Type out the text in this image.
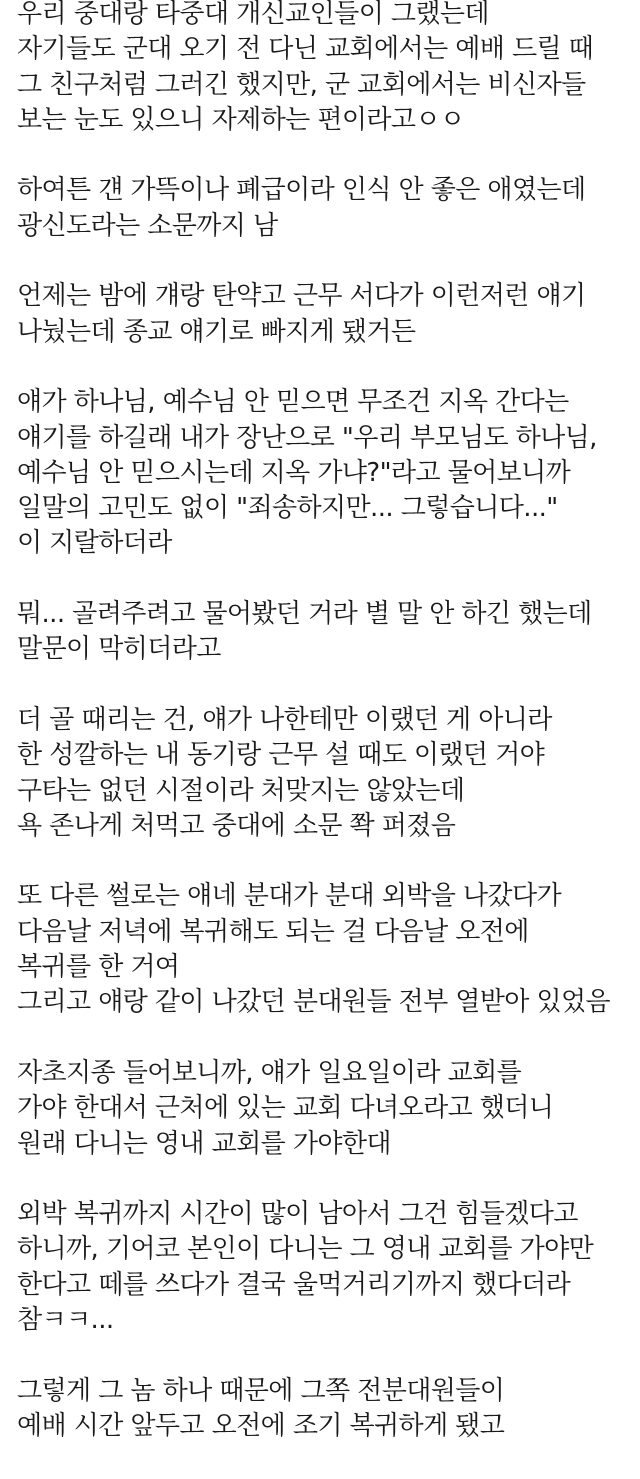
우리 중대랑 타중대 개신교인들이 그랬는데
자기들도 군대 오기 전 다닌 교회에서는 예배 드릴 때
그 친구처럼 그러긴 했지만, 군 교회에서는 비신자들
보는 눈도 있으니 자제하는 편이라고ㅇㅇ
하여튼 걘 가뜩이나 폐급이라 인식 안 좋은 애였는데
광신도라는 소문까지 남
언제는 밤에 걔랑 탄약고 근무 서다가 이런저런 얘기
나눴는데 종교 얘기로 빠지게 됐거든
얘가 하나님, 예수님 안 믿으면 무조건 지옥 간다는
얘기를 하길래 내가 장난으로 "우리 부모님도 하나님,
예수님 안 믿으시는데 지옥 가냐?"라고 물어보니까
일말의 고민도 없이 "죄송하지만... 그렇습니다..."
이 지랄하더라
뭐... 골려주려고 물어봤던 거라 별 말 안 하긴 했는데
말문이 막히더라고
더 골 때리는 건, 얘가 나한테만 이랬던 게 아니라
한 성깔하는 내 동기랑 근무 설 때도 이랬던 거야
구타는 없던 시절이라 처맞지는 않았는데
욕 존나게 처먹고 중대에 소문 쫙 퍼졌음
또 다른 썰로는 얘네 분대가 분대 외박을 나갔다가
다음날 저녁에 복귀해도 되는 걸 다음날 오전에
복귀를 한 거여
그리고 얘랑 같이 나갔던 분대원들 전부 열받아 있었음
자초지종 들어보니까, 얘가 일요일이라 교회를
가야 한대서 근처에 있는 교회 다녀오라고 했더니
원래 다니는 영내 교회를 가야한대
외박 복귀까지 시간이 많이 남아서 그건 힘들겠다고
하니까, 기어코 본인이 다니는 그 영내 교회를 가야만
한다고 떼를 쓰다가 결국 울먹거리기까지 했다더라
참ㅋㅋ...
그렇게 그 놈 하나 때문에 그쪽 전분대원들이
예배 시간 앞두고 오전에 조기 복귀하게 됐고
